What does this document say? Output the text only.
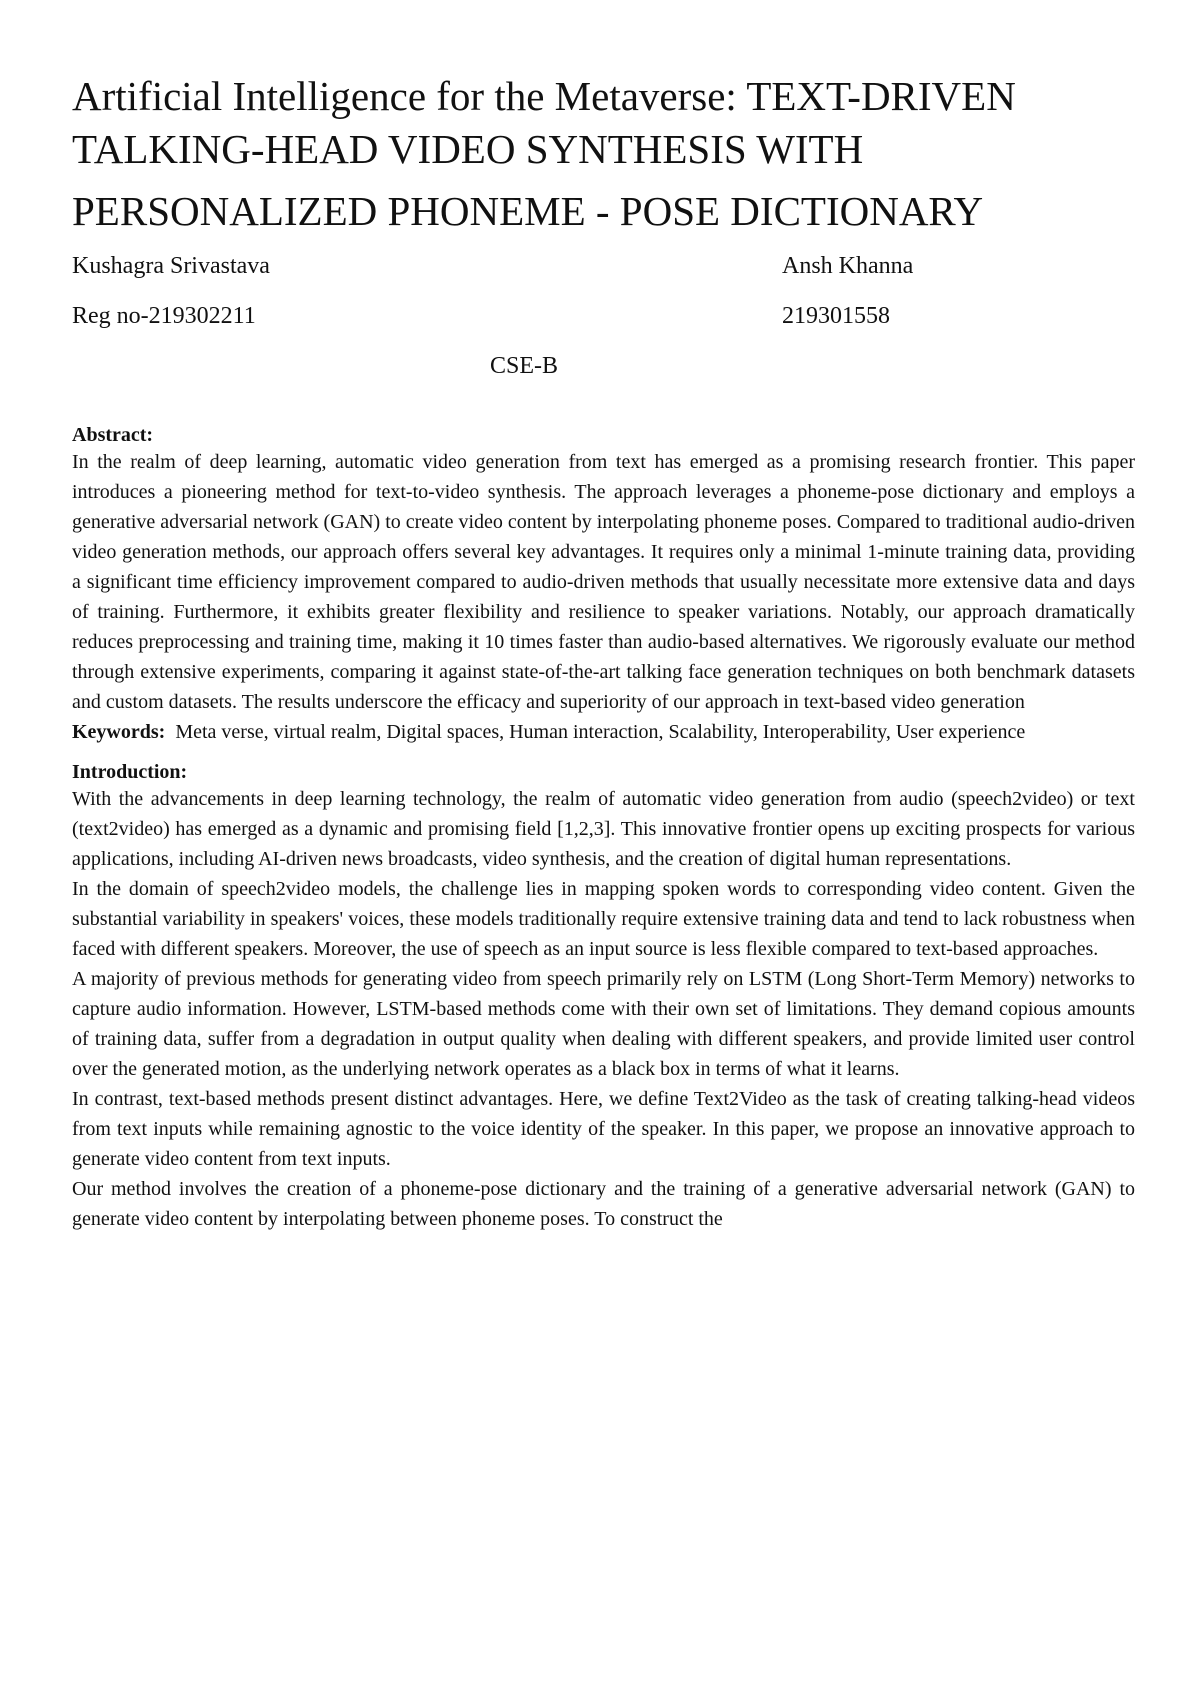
Artificial Intelligence for the Metaverse: TEXT-DRIVEN
TALKING-HEAD VIDEO SYNTHESIS WITH
PERSONALIZED PHONEME - POSE DICTIONARY
Kushagra Srivastava
Reg no-219302211
Ansh Khanna
219301558
CSE-B
Abstract:

In the realm of deep learning, automatic video generation from text has emerged as a promising research frontier. This paper introduces a pioneering method for text-to-video synthesis. The approach leverages a phoneme-pose dictionary and employs a generative adversarial network (GAN) to create video content by interpolating phoneme poses. Compared to traditional audio-driven video generation methods, our approach offers several key advantages. It requires only a minimal 1-minute training data, providing a significant time efficiency improvement compared to audio-driven methods that usually necessitate more extensive data and days of training. Furthermore, it exhibits greater flexibility and resilience to speaker variations. Notably, our approach dramatically reduces preprocessing and training time, making it 10 times faster than audio-based alternatives. We rigorously evaluate our method through extensive experiments, comparing it against state-of-the-art talking face generation techniques on both benchmark datasets and custom datasets. The results underscore the efficacy and superiority of our approach in text-based video generation

Keywords: Meta verse, virtual realm, Digital spaces, Human interaction, Scalability, Interoperability, User experience

Introduction:

With the advancements in deep learning technology, the realm of automatic video generation from audio (speech2video) or text (text2video) has emerged as a dynamic and promising field [1,2,3]. This innovative frontier opens up exciting prospects for various applications, including AI-driven news broadcasts, video synthesis, and the creation of digital human representations.

In the domain of speech2video models, the challenge lies in mapping spoken words to corresponding video content. Given the substantial variability in speakers' voices, these models traditionally require extensive training data and tend to lack robustness when faced with different speakers. Moreover, the use of speech as an input source is less flexible compared to text-based approaches.

A majority of previous methods for generating video from speech primarily rely on LSTM (Long Short-Term Memory) networks to capture audio information. However, LSTM-based methods come with their own set of limitations. They demand copious amounts of training data, suffer from a degradation in output quality when dealing with different speakers, and provide limited user control over the generated motion, as the underlying network operates as a black box in terms of what it learns.

In contrast, text-based methods present distinct advantages. Here, we define Text2Video as the task of creating talking-head videos from text inputs while remaining agnostic to the voice identity of the speaker. In this paper, we propose an innovative approach to generate video content from text inputs.

Our method involves the creation of a phoneme-pose dictionary and the training of a generative adversarial network (GAN) to generate video content by interpolating between phoneme poses. To construct the
